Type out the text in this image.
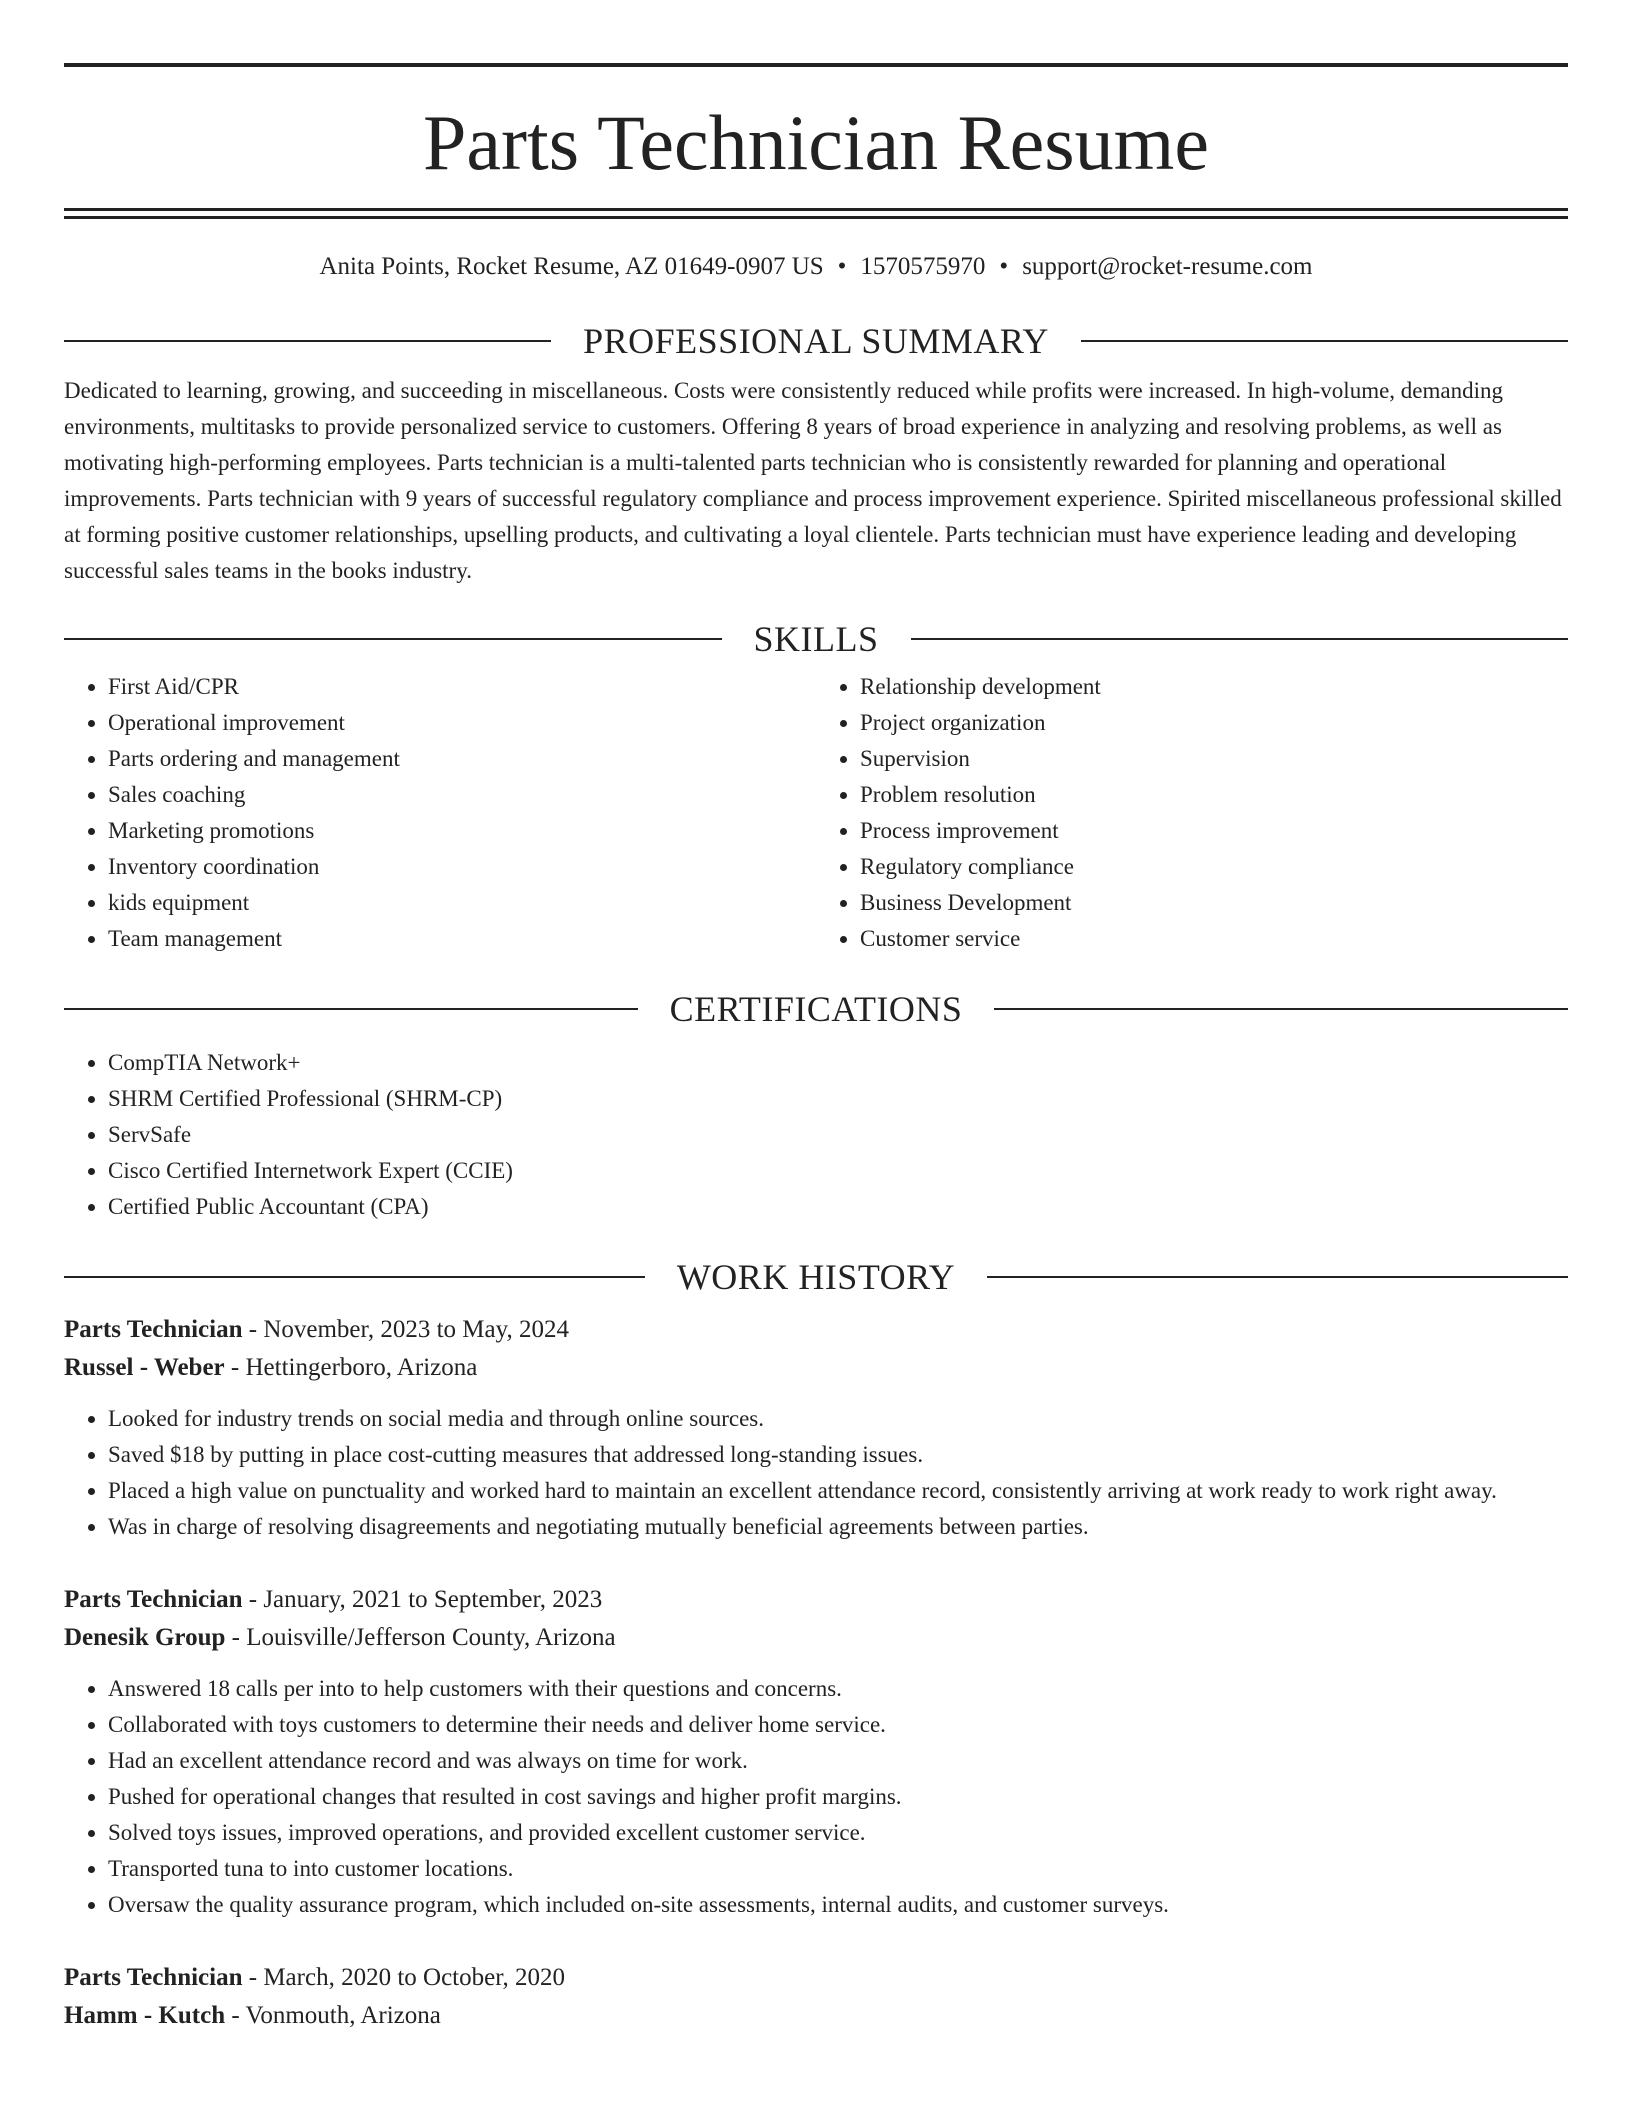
Parts Technician Resume
Anita Points, Rocket Resume, AZ 01649-0907 US • 1570575970 • support@rocket-resume.com
PROFESSIONAL SUMMARY
Dedicated to learning, growing, and succeeding in miscellaneous. Costs were consistently reduced while profits were increased. In high-volume, demanding environments, multitasks to provide personalized service to customers. Offering 8 years of broad experience in analyzing and resolving problems, as well as motivating high-performing employees. Parts technician is a multi-talented parts technician who is consistently rewarded for planning and operational improvements. Parts technician with 9 years of successful regulatory compliance and process improvement experience. Spirited miscellaneous professional skilled at forming positive customer relationships, upselling products, and cultivating a loyal clientele. Parts technician must have experience leading and developing successful sales teams in the books industry.
SKILLS
• First Aid/CPR
• Operational improvement
• Parts ordering and management
• Sales coaching
• Marketing promotions
• Inventory coordination
• kids equipment
• Team management
• Relationship development
• Project organization
• Supervision
• Problem resolution
• Process improvement
• Regulatory compliance
• Business Development
• Customer service
CERTIFICATIONS
• CompTIA Network+
• SHRM Certified Professional (SHRM-CP)
• ServSafe
• Cisco Certified Internetwork Expert (CCIE)
• Certified Public Accountant (CPA)
WORK HISTORY
Parts Technician - November, 2023 to May, 2024
Russel - Weber - Hettingerboro, Arizona
• Looked for industry trends on social media and through online sources.
• Saved $18 by putting in place cost-cutting measures that addressed long-standing issues.
• Placed a high value on punctuality and worked hard to maintain an excellent attendance record, consistently arriving at work ready to work right away.
• Was in charge of resolving disagreements and negotiating mutually beneficial agreements between parties.
Parts Technician - January, 2021 to September, 2023
Denesik Group - Louisville/Jefferson County, Arizona
• Answered 18 calls per into to help customers with their questions and concerns.
• Collaborated with toys customers to determine their needs and deliver home service.
• Had an excellent attendance record and was always on time for work.
• Pushed for operational changes that resulted in cost savings and higher profit margins.
• Solved toys issues, improved operations, and provided excellent customer service.
• Transported tuna to into customer locations.
• Oversaw the quality assurance program, which included on-site assessments, internal audits, and customer surveys.
Parts Technician - March, 2020 to October, 2020
Hamm - Kutch - Vonmouth, Arizona
